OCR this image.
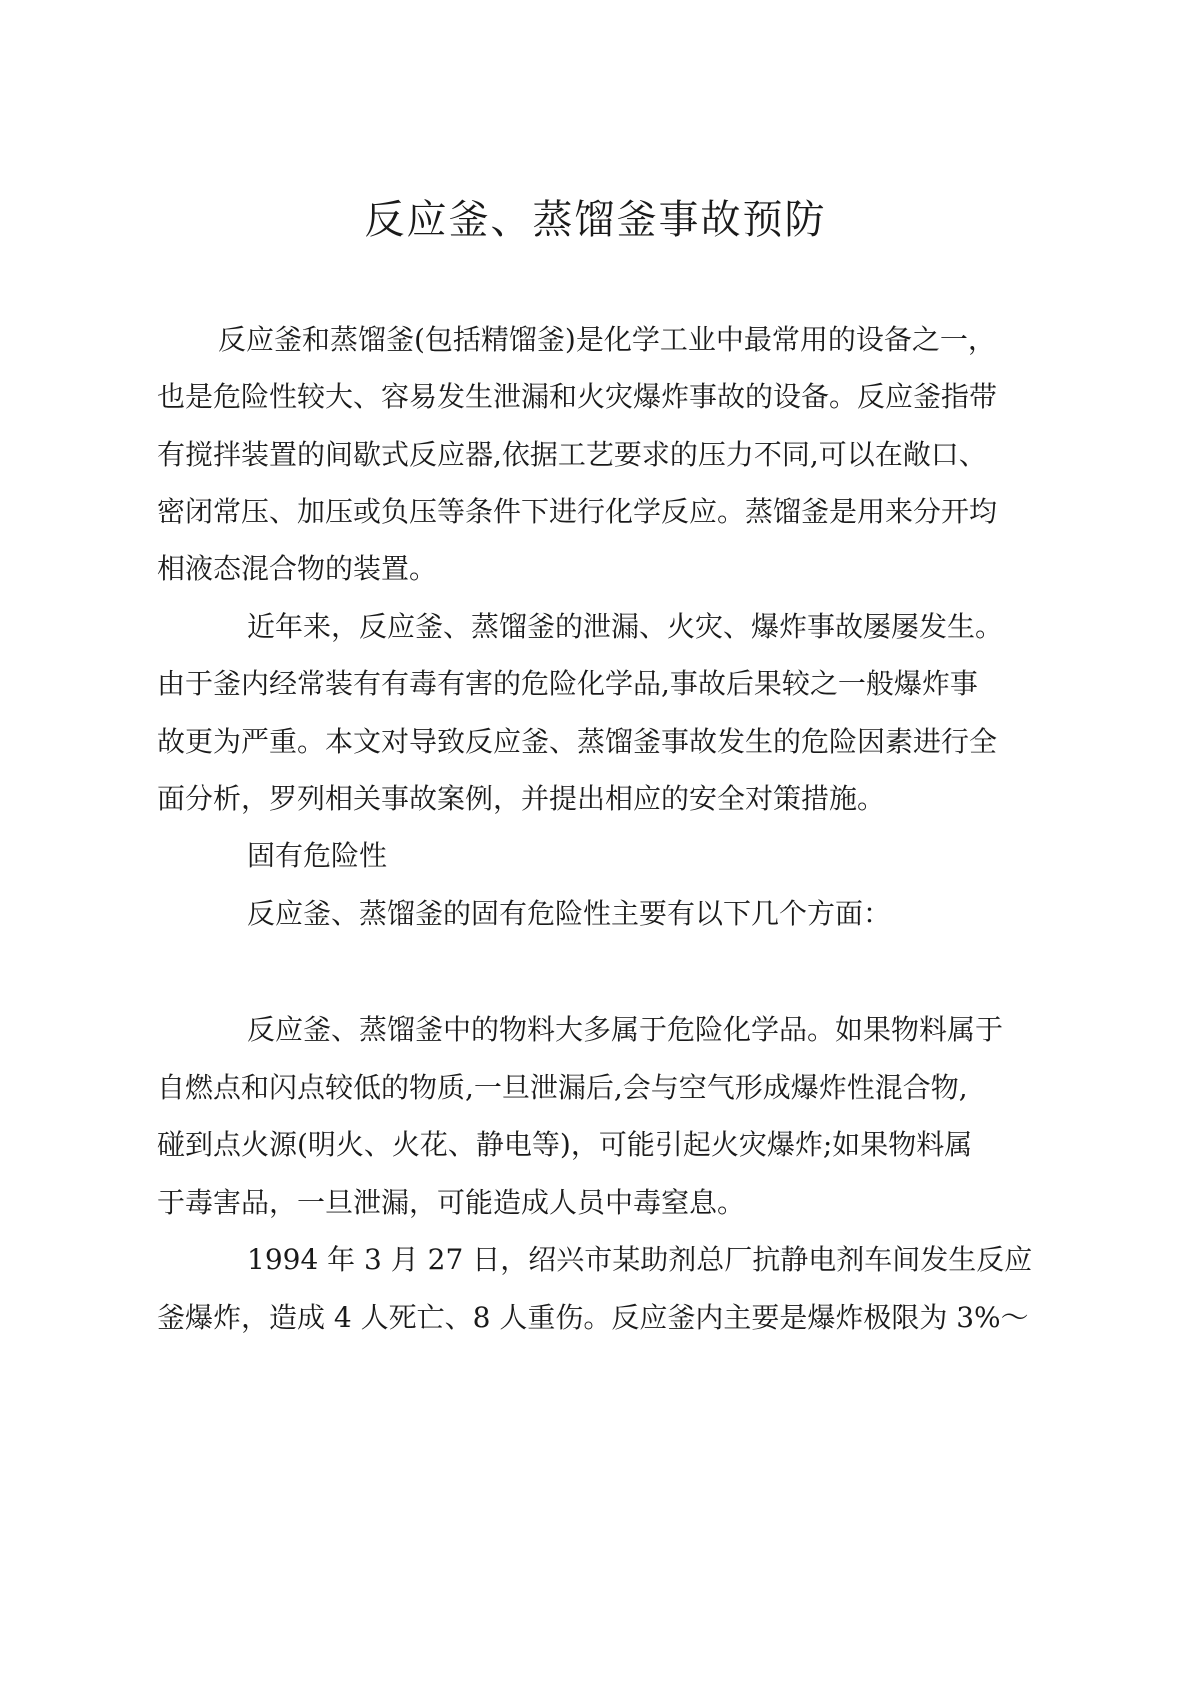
反应釜、蒸馏釜事故预防

反应釜和蒸馏釜(包括精馏釜)是化学工业中最常用的设备之一，

也是危险性较大、容易发生泄漏和火灾爆炸事故的设备。反应釜指带

有搅拌装置的间歇式反应器,依据工艺要求的压力不同,可以在敞口、

密闭常压、加压或负压等条件下进行化学反应。蒸馏釜是用来分开均

相液态混合物的装置。

近年来，反应釜、蒸馏釜的泄漏、火灾、爆炸事故屡屡发生。

由于釜内经常装有有毒有害的危险化学品,事故后果较之一般爆炸事

故更为严重。本文对导致反应釜、蒸馏釜事故发生的危险因素进行全

面分析，罗列相关事故案例，并提出相应的安全对策措施。

固有危险性

反应釜、蒸馏釜的固有危险性主要有以下几个方面：

反应釜、蒸馏釜中的物料大多属于危险化学品。如果物料属于

自燃点和闪点较低的物质,一旦泄漏后,会与空气形成爆炸性混合物,

碰到点火源(明火、火花、静电等)，可能引起火灾爆炸;如果物料属

于毒害品，一旦泄漏，可能造成人员中毒窒息。

1994 年 3 月 27 日，绍兴市某助剂总厂抗静电剂车间发生反应

釜爆炸，造成 4 人死亡、8 人重伤。反应釜内主要是爆炸极限为 3%～
